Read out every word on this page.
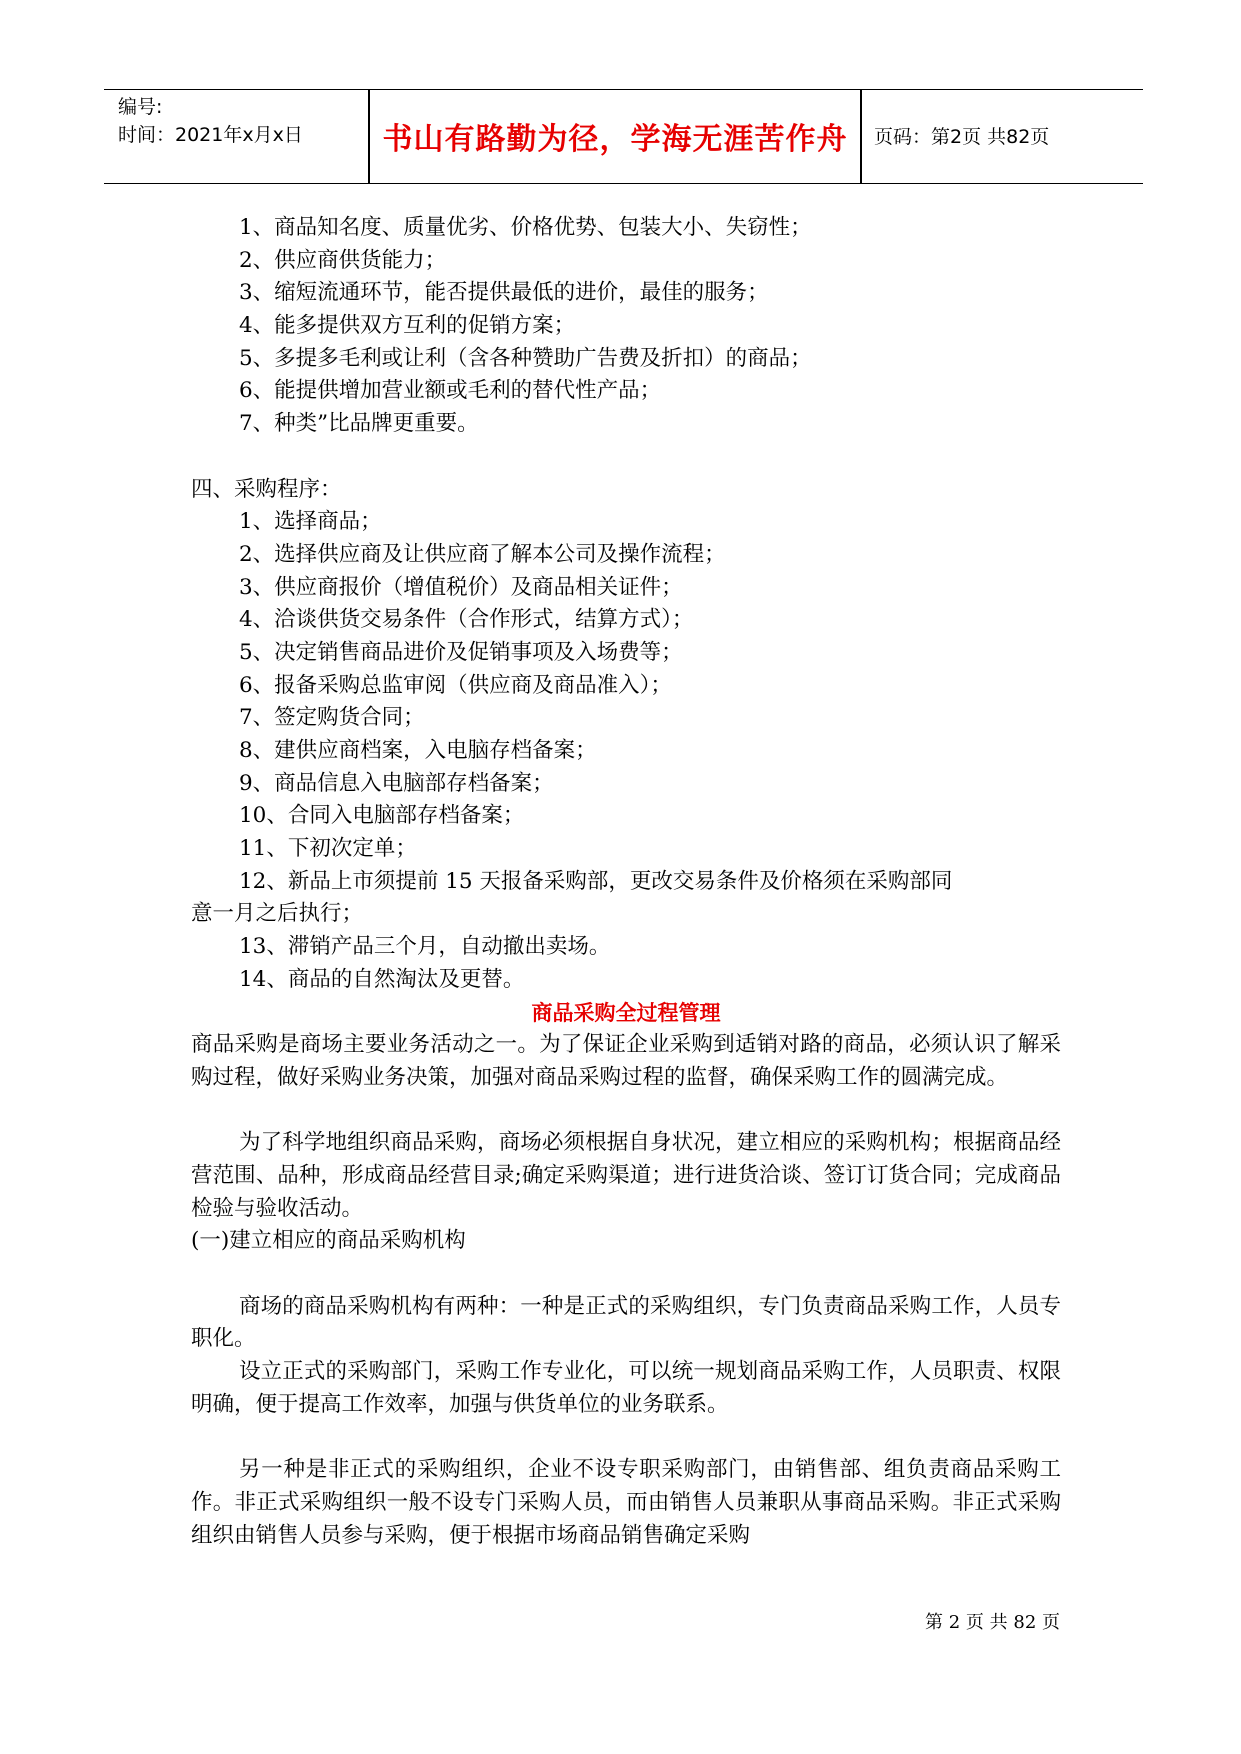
编号:
时间：2021年x月x日	书山有路勤为径，学海无涯苦作舟	页码：第2页 共82页
1、商品知名度、质量优劣、价格优势、包装大小、失窃性；
2、供应商供货能力；
3、缩短流通环节，能否提供最低的进价，最佳的服务；
4、能多提供双方互利的促销方案；
5、多提多毛利或让利（含各种赞助广告费及折扣）的商品；
6、能提供增加营业额或毛利的替代性产品；
7、种类”比品牌更重要。
四、采购程序：
1、选择商品；
2、选择供应商及让供应商了解本公司及操作流程；
3、供应商报价（增值税价）及商品相关证件；
4、洽谈供货交易条件（合作形式，结算方式）；
5、决定销售商品进价及促销事项及入场费等；
6、报备采购总监审阅（供应商及商品准入）；
7、签定购货合同；
8、建供应商档案，入电脑存档备案；
9、商品信息入电脑部存档备案；
10、合同入电脑部存档备案；
11、下初次定单；
12、新品上市须提前 15 天报备采购部，更改交易条件及价格须在采购部同
意一月之后执行；
13、滞销产品三个月，自动撤出卖场。
14、商品的自然淘汰及更替。
商品采购全过程管理
商品采购是商场主要业务活动之一。为了保证企业采购到适销对路的商品，必须认识了解采购过程，做好采购业务决策，加强对商品采购过程的监督，确保采购工作的圆满完成。
为了科学地组织商品采购，商场必须根据自身状况，建立相应的采购机构；根据商品经营范围、品种，形成商品经营目录;确定采购渠道；进行进货洽谈、签订订货合同；完成商品检验与验收活动。
(一)建立相应的商品采购机构
商场的商品采购机构有两种：一种是正式的采购组织，专门负责商品采购工作，人员专职化。
设立正式的采购部门，采购工作专业化，可以统一规划商品采购工作，人员职责、权限明确，便于提高工作效率，加强与供货单位的业务联系。
另一种是非正式的采购组织，企业不设专职采购部门，由销售部、组负责商品采购工作。非正式采购组织一般不设专门采购人员，而由销售人员兼职从事商品采购。非正式采购组织由销售人员参与采购，便于根据市场商品销售确定采购
第 2 页 共 82 页
